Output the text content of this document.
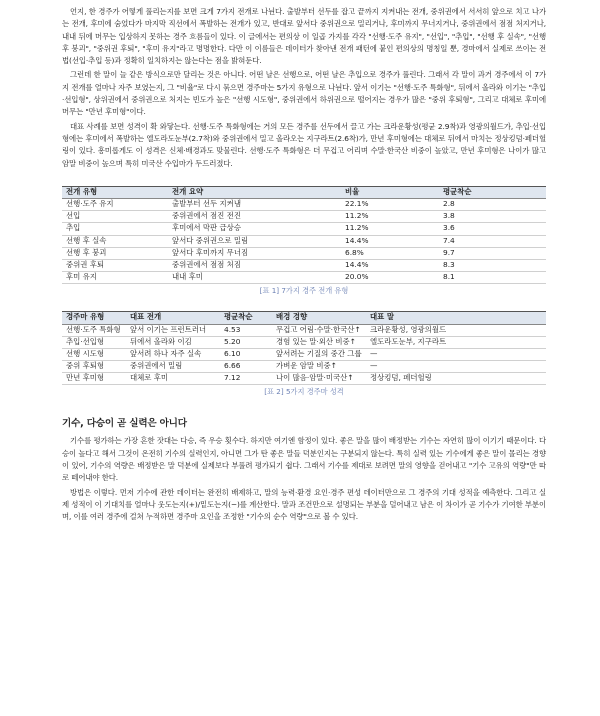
언지, 한 경주가 어떻게 풀리는지를 보면 크게 7가지 전개로 나뉜다. 출발부터 선두를 잡고 끝까지 지켜내는 전개, 중위권에서 서서히 앞으로 치고 나가는 전개, 후미에 숨었다가 마지막 직선에서 폭발하는 전개가 있고, 반대로 앞서다 중위권으로 밀리거나, 후미까지 무너지거나, 중위권에서 점점 처지거나, 내내 뒤에 머무는 입상하지 못하는 경주 흐름들이 있다. 이 글에서는 편의상 이 일곱 가지를 각각 "선행·도주 유지", "선입", "추입", "선행 후 실속", "선행 후 붕괴", "중위권 후퇴", "후미 유지"라고 명명한다. 다만 이 이름들은 데이터가 찾아낸 전개 패턴에 붙인 편의상의 명칭일 뿐, 경마에서 실제로 쓰이는 전법(선입·추입 등)과 정확히 일치하지는 않는다는 점을 밝혀둔다.

그런데 한 말이 늘 같은 방식으로만 달리는 것은 아니다. 어떤 날은 선행으로, 어떤 날은 추입으로 경주가 풀린다. 그래서 각 말이 과거 경주에서 이 7가지 전개를 얼마나 자주 보였는지, 그 "비율"로 다시 묶으면 경주마는 5가지 유형으로 나뉜다. 앞서 이기는 "선행·도주 특화형", 뒤에서 올라와 이기는 "추입·선입형", 상위권에서 중위권으로 처지는 빈도가 높은 "선행 시도형", 중위권에서 하위권으로 떨어지는 경우가 많은 "중위 후퇴형", 그리고 대체로 후미에 머무는 "만년 후미형"이다.

대표 사례를 보면 성격이 확 와닿는다. 선행·도주 특화형에는 거의 모든 경주를 선두에서 끌고 가는 크라운황성(평균 2.9착)과 영광의월드가, 추입·선입형에는 후미에서 폭발하는 엘도라도눈부(2.7착)와 중위권에서 밀고 올라오는 지구라트(2.6착)가, 만년 후미형에는 대체로 뒤에서 마치는 정상킹덤·페더헐링이 있다. 흥미롭게도 이 성격은 신체·배경과도 맞물린다. 선행·도주 특화형은 더 무겁고 어리며 수말·한국산 비중이 높았고, 만년 후미형은 나이가 많고 암말 비중이 높으며 특히 미국산 수입마가 두드러졌다.

전개 유형	전개 요약	비율	평균착순
선행·도주 유지	출발부터 선두 지켜냄	22.1%	2.8
선입	중위권에서 점진 전진	11.2%	3.8
추입	후미에서 막판 급상승	11.2%	3.6
선행 후 실속	앞서다 중위권으로 밀림	14.4%	7.4
선행 후 붕괴	앞서다 후미까지 무너짐	6.8%	9.7
중위권 후퇴	중위권에서 점점 처짐	14.4%	8.3
후미 유지	내내 후미	20.0%	8.1
[표 1] 7가지 경주 전개 유형
경주마 유형	대표 전개	평균착순	배경 경향	대표 말
선행·도주 특화형	앞서 이기는 프런트러너	4.53	무겁고 어림·수말·한국산↑	크라운황성, 영광의월드
추입·선입형	뒤에서 올라와 이김	5.20	경험 있는 말·외산 비중↑	엘도라도눈부, 지구라트
선행 시도형	앞서려 하나 자주 실속	6.10	앞서려는 기질의 중간 그룹	—
중위 후퇴형	중위권에서 밀림	6.66	가벼운 암말 비중↑	—
만년 후미형	대체로 후미	7.12	나이 많음·암말·미국산↑	정상킹덤, 페더헐링
[표 2] 5가지 경주마 성격
기수, 다승이 곧 실력은 아니다

기수를 평가하는 가장 흔한 잣대는 다승, 즉 우승 횟수다. 하지만 여기엔 함정이 있다. 좋은 말을 많이 배정받는 기수는 자연히 많이 이기기 때문이다. 다승이 높다고 해서 그것이 온전히 기수의 실력인지, 아니면 그가 탄 좋은 말들 덕분인지는 구분되지 않는다. 특히 실력 있는 기수에게 좋은 말이 몰리는 경향이 있어, 기수의 역량은 배정받은 말 덕분에 실제보다 부풀려 평가되기 쉽다. 그래서 기수를 제대로 보려면 말의 영향을 걷어내고 "기수 고유의 역량"만 따로 떼어내야 한다.

방법은 이렇다. 먼저 기수에 관한 데이터는 완전히 배제하고, 말의 능력·환경 요인·경주 편성 데이터만으로 그 경주의 기대 성적을 예측한다. 그리고 실제 성적이 이 기대치를 얼마나 웃도는지(+)/밑도는지(−)를 계산한다. 말과 조건만으로 설명되는 부분을 덜어내고 남은 이 차이가 곧 기수가 기여한 부분이며, 이를 여러 경주에 걸쳐 누적하면 경주마 요인을 조정한 "기수의 순수 역량"으로 볼 수 있다.
